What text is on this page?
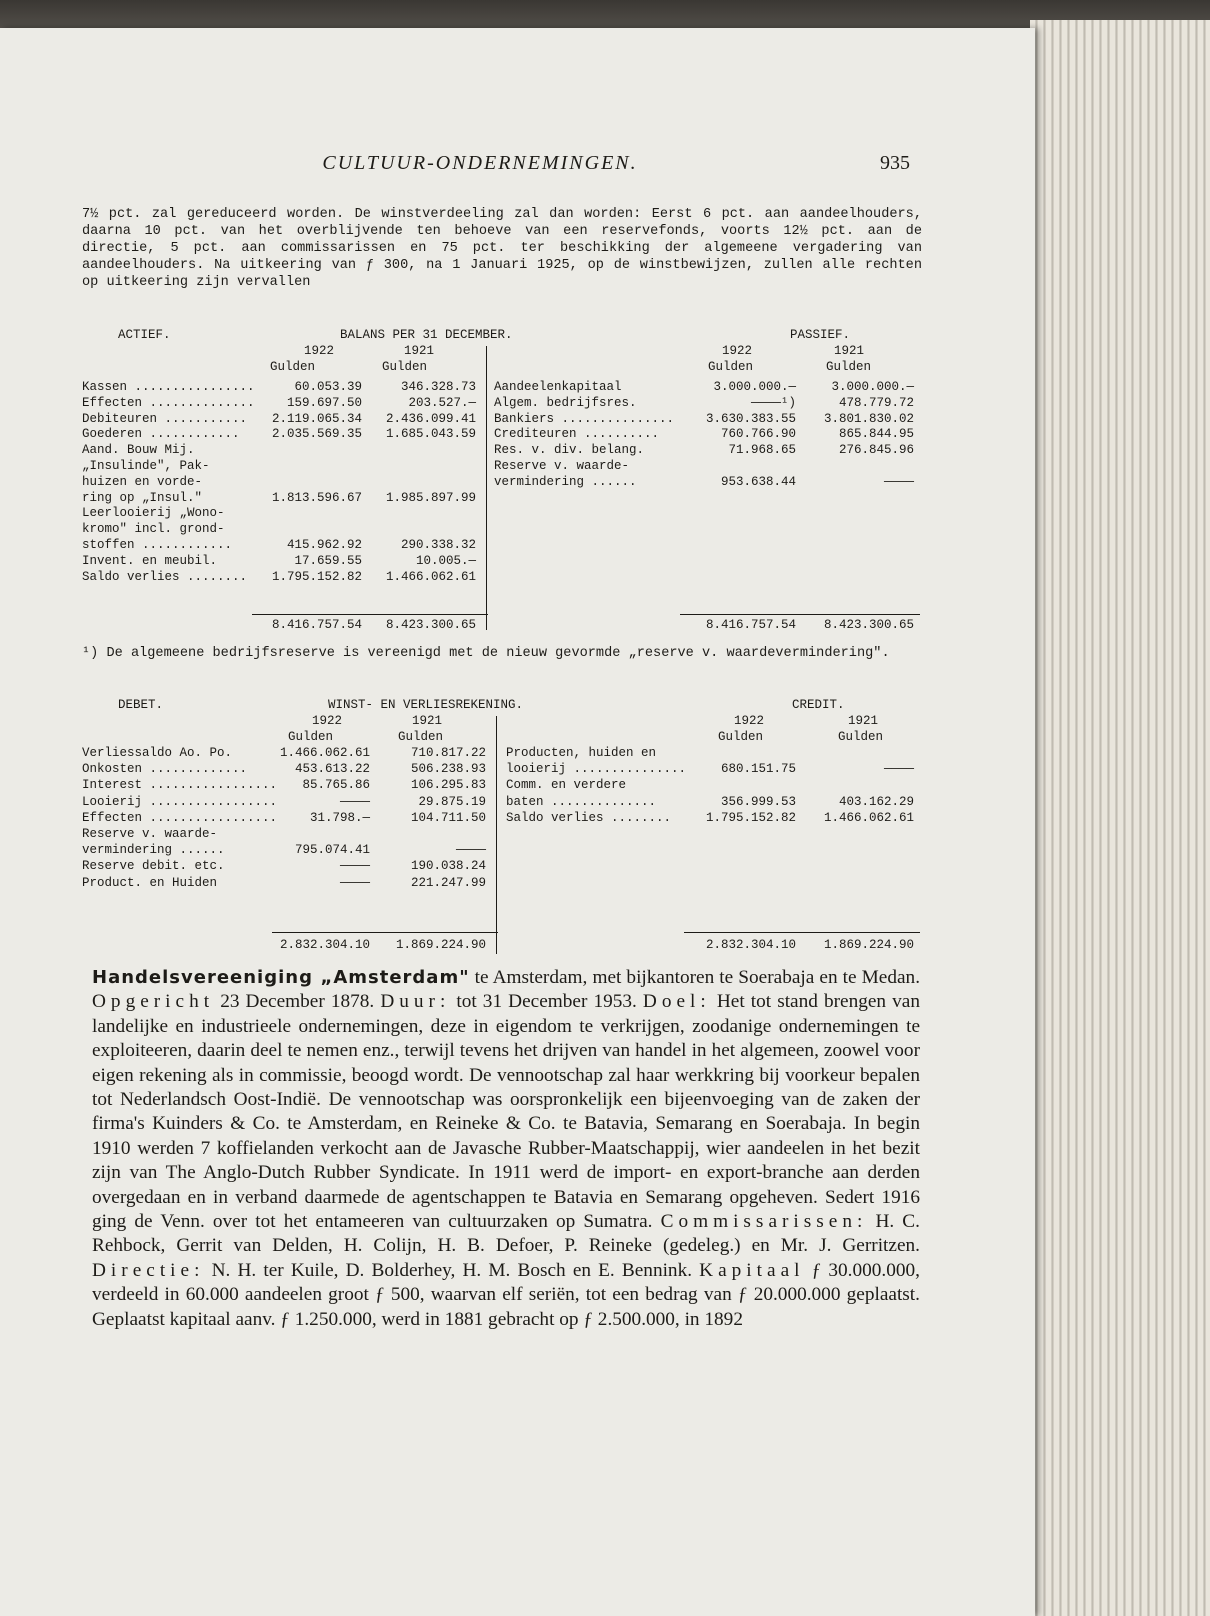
CULTUUR-ONDERNEMINGEN.	935

7½ pct. zal gereduceerd worden. De winstverdeeling zal dan worden: Eerst 6 pct. aan aandeelhouders, daarna 10 pct. van het overblijvende ten behoeve van een reservefonds, voorts 12½ pct. aan de directie, 5 pct. aan commissarissen en 75 pct. ter beschikking der algemeene vergadering van aandeelhouders. Na uitkeering van ƒ 300, na 1 Januari 1925, op de winstbewijzen, zullen alle rechten op uitkeering zijn vervallen

ACTIEF.	BALANS PER 31 DECEMBER.	PASSIEF.
1922	1921
Gulden	Gulden
1922	1921
Gulden	Gulden
Kassen ................	60.053.39	346.328.73
Effecten ..............	159.697.50	203.527.—
Debiteuren ...........	2.119.065.34	2.436.099.41
Goederen ............	2.035.569.35	1.685.043.59
Aand. Bouw Mij.
„Insulinde", Pak-
huizen en vorde-
ring op „Insul."	1.813.596.67	1.985.897.99
Leerlooierij „Wono-
kromo" incl. grond-
stoffen ............	415.962.92	290.338.32
Invent. en meubil.	17.659.55	10.005.—
Saldo verlies ........	1.795.152.82	1.466.062.61
Aandeelenkapitaal	3.000.000.—	3.000.000.—
Algem. bedrijfsres.	————¹)	478.779.72
Bankiers ...............	3.630.383.55	3.801.830.02
Crediteuren ..........	760.766.90	865.844.95
Res. v. div. belang.	71.968.65	276.845.96
Reserve v. waarde-
vermindering ......	953.638.44	————
8.416.757.54	8.423.300.65	8.416.757.54	8.423.300.65
¹) De algemeene bedrijfsreserve is vereenigd met de nieuw gevormde „reserve v. waardevermindering".
DEBET.	WINST- EN VERLIESREKENING.	CREDIT.
1922	1921
Gulden	Gulden
1922	1921
Gulden	Gulden
Verliessaldo Ao. Po.	1.466.062.61	710.817.22
Onkosten .............	453.613.22	506.238.93
Interest .................	85.765.86	106.295.83
Looierij .................	————	29.875.19
Effecten .................	31.798.—	104.711.50
Reserve v. waarde-
vermindering ......	795.074.41	————
Reserve debit. etc.	————	190.038.24
Product. en Huiden	————	221.247.99
Producten, huiden en
looierij ...............	680.151.75	————
Comm. en verdere
baten ..............	356.999.53	403.162.29
Saldo verlies ........	1.795.152.82	1.466.062.61
2.832.304.10	1.869.224.90	2.832.304.10	1.869.224.90

Handelsvereeniging „Amsterdam" te Amsterdam, met bijkantoren te Soerabaja en te Medan. Opgericht 23 December 1878. Duur: tot 31 December 1953. Doel: Het tot stand brengen van landelijke en industrieele ondernemingen, deze in eigendom te verkrijgen, zoodanige ondernemingen te exploiteeren, daarin deel te nemen enz., terwijl tevens het drijven van handel in het algemeen, zoowel voor eigen rekening als in commissie, beoogd wordt. De vennootschap zal haar werkkring bij voorkeur bepalen tot Nederlandsch Oost-Indië. De vennootschap was oorspronkelijk een bijeenvoeging van de zaken der firma's Kuinders & Co. te Amsterdam, en Reineke & Co. te Batavia, Semarang en Soerabaja. In begin 1910 werden 7 koffielanden verkocht aan de Javasche Rubber-Maatschappij, wier aandeelen in het bezit zijn van The Anglo-Dutch Rubber Syndicate. In 1911 werd de import- en export-branche aan derden overgedaan en in verband daarmede de agentschappen te Batavia en Semarang opgeheven. Sedert 1916 ging de Venn. over tot het entameeren van cultuurzaken op Sumatra. Commissarissen: H. C. Rehbock, Gerrit van Delden, H. Colijn, H. B. Defoer, P. Reineke (gedeleg.) en Mr. J. Gerritzen. Directie: N. H. ter Kuile, D. Bolderhey, H. M. Bosch en E. Bennink. Kapitaal ƒ 30.000.000, verdeeld in 60.000 aandeelen groot ƒ 500, waarvan elf seriën, tot een bedrag van ƒ 20.000.000 geplaatst. Geplaatst kapitaal aanv. ƒ 1.250.000, werd in 1881 gebracht op ƒ 2.500.000, in 1892
